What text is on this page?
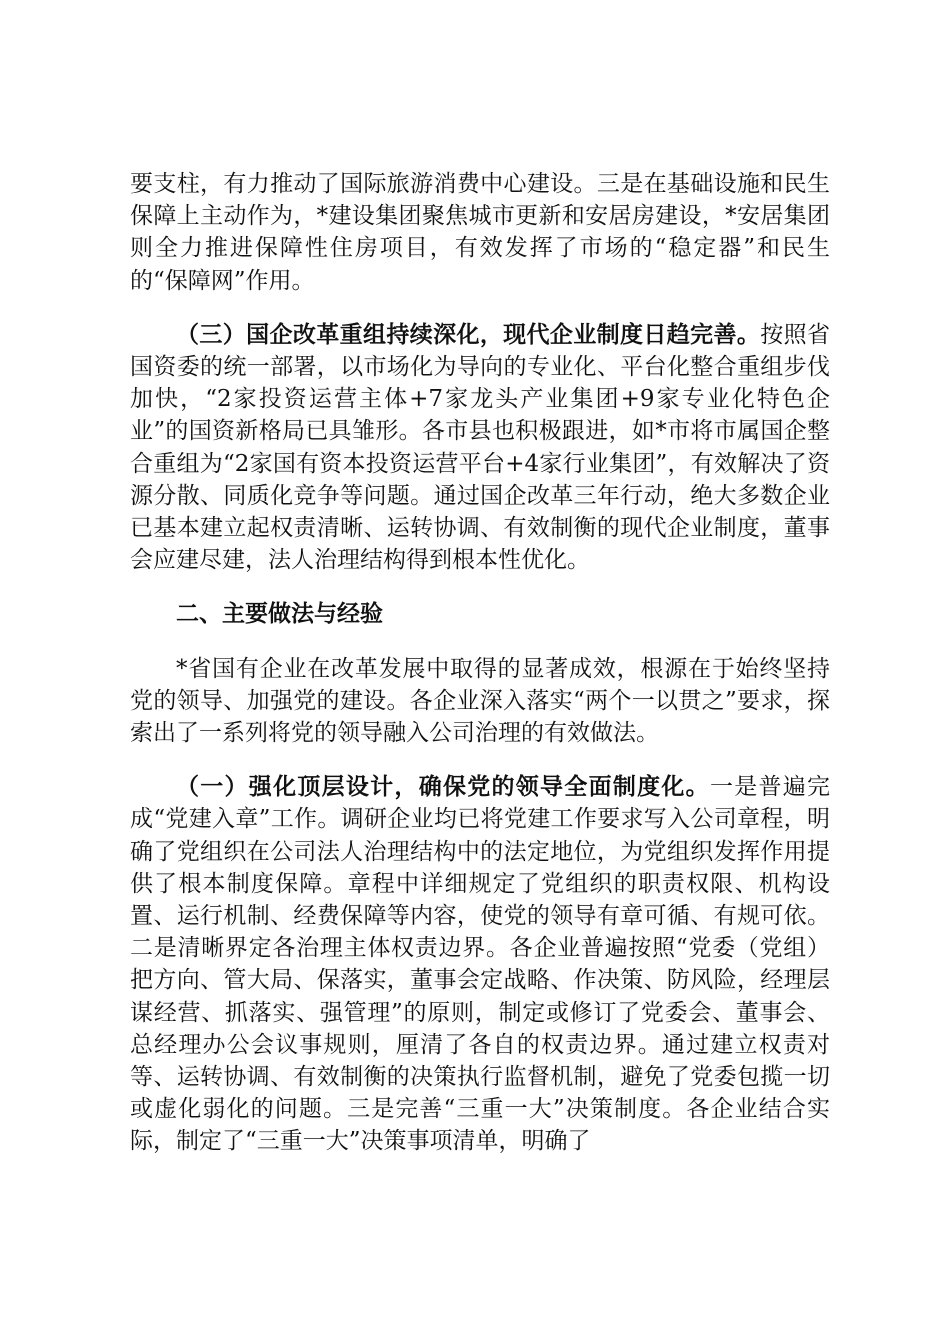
要支柱，有力推动了国际旅游消费中心建设。三是在基础设施和民生保障上主动作为，*建设集团聚焦城市更新和安居房建设，*安居集团则全力推进保障性住房项目，有效发挥了市场的“稳定器”和民生的“保障网”作用。

（三）国企改革重组持续深化，现代企业制度日趋完善。按照省国资委的统一部署，以市场化为导向的专业化、平台化整合重组步伐加快，“2家投资运营主体+7家龙头产业集团+9家专业化特色企业”的国资新格局已具雏形。各市县也积极跟进，如*市将市属国企整合重组为“2家国有资本投资运营平台+4家行业集团”，有效解决了资源分散、同质化竞争等问题。通过国企改革三年行动，绝大多数企业已基本建立起权责清晰、运转协调、有效制衡的现代企业制度，董事会应建尽建，法人治理结构得到根本性优化。

二、主要做法与经验

*省国有企业在改革发展中取得的显著成效，根源在于始终坚持党的领导、加强党的建设。各企业深入落实“两个一以贯之”要求，探索出了一系列将党的领导融入公司治理的有效做法。

（一）强化顶层设计，确保党的领导全面制度化。一是普遍完成“党建入章”工作。调研企业均已将党建工作要求写入公司章程，明确了党组织在公司法人治理结构中的法定地位，为党组织发挥作用提供了根本制度保障。章程中详细规定了党组织的职责权限、机构设置、运行机制、经费保障等内容，使党的领导有章可循、有规可依。二是清晰界定各治理主体权责边界。各企业普遍按照“党委（党组）把方向、管大局、保落实，董事会定战略、作决策、防风险，经理层谋经营、抓落实、强管理”的原则，制定或修订了党委会、董事会、总经理办公会议事规则，厘清了各自的权责边界。通过建立权责对等、运转协调、有效制衡的决策执行监督机制，避免了党委包揽一切或虚化弱化的问题。三是完善“三重一大”决策制度。各企业结合实际，制定了“三重一大”决策事项清单，明确了
